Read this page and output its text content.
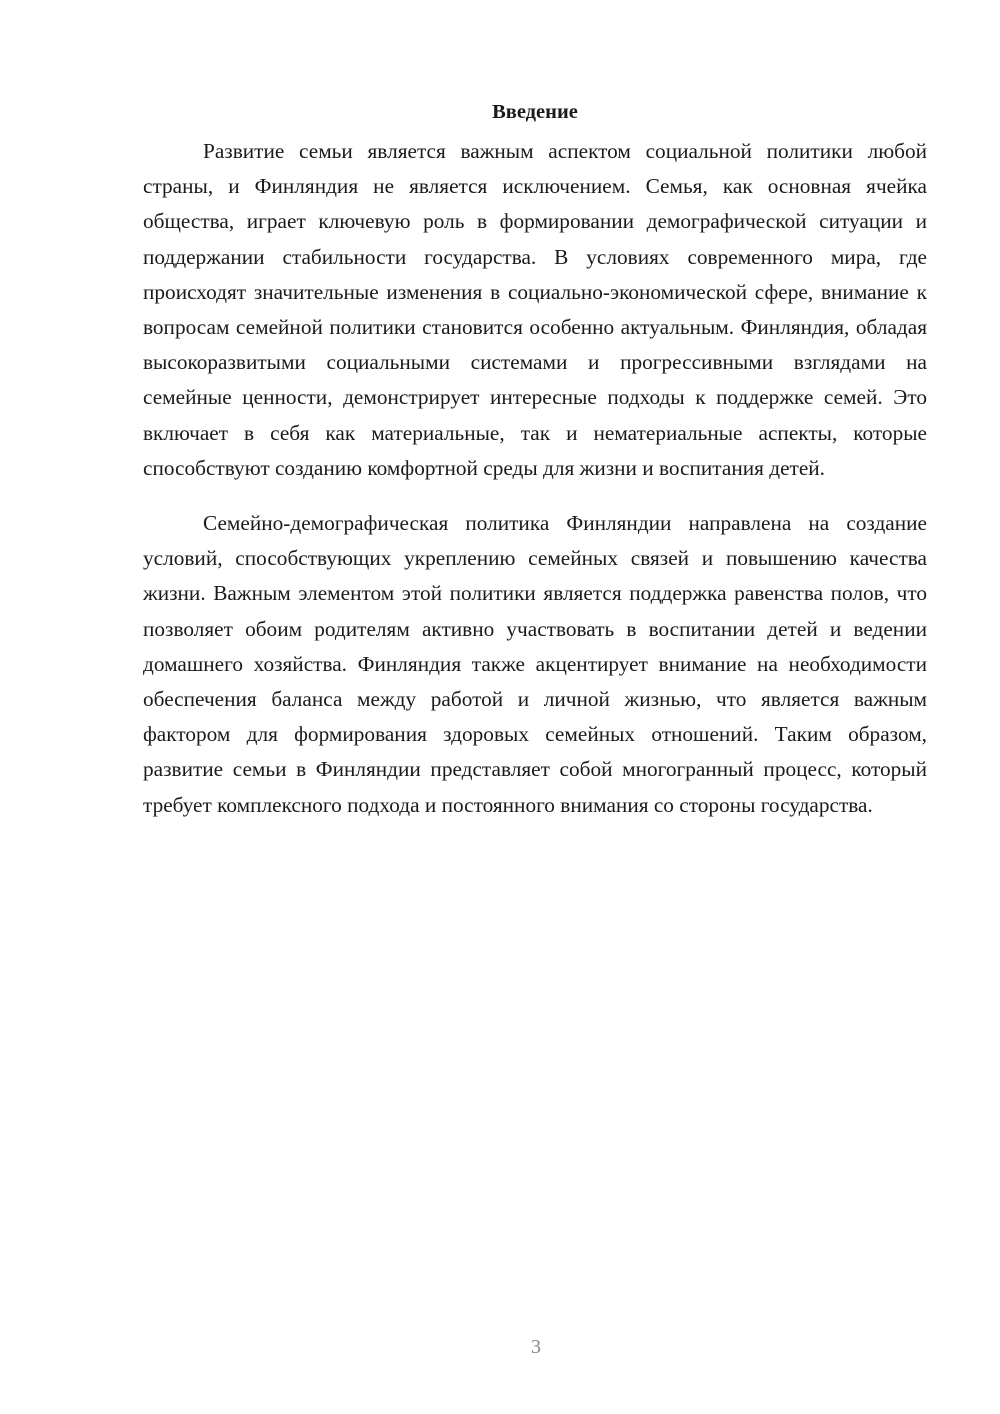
Введение

Развитие семьи является важным аспектом социальной политики любой страны, и Финляндия не является исключением. Семья, как основная ячейка общества, играет ключевую роль в формировании демографической ситуации и поддержании стабильности государства. В условиях современного мира, где происходят значительные изменения в социально-экономической сфере, внимание к вопросам семейной политики становится особенно актуальным. Финляндия, обладая высокоразвитыми социальными системами и прогрессивными взглядами на семейные ценности, демонстрирует интересные подходы к поддержке семей. Это включает в себя как материальные, так и нематериальные аспекты, которые способствуют созданию комфортной среды для жизни и воспитания детей.

Семейно-демографическая политика Финляндии направлена на создание условий, способствующих укреплению семейных связей и повышению качества жизни. Важным элементом этой политики является поддержка равенства полов, что позволяет обоим родителям активно участвовать в воспитании детей и ведении домашнего хозяйства. Финляндия также акцентирует внимание на необходимости обеспечения баланса между работой и личной жизнью, что является важным фактором для формирования здоровых семейных отношений. Таким образом, развитие семьи в Финляндии представляет собой многогранный процесс, который требует комплексного подхода и постоянного внимания со стороны государства.

3
